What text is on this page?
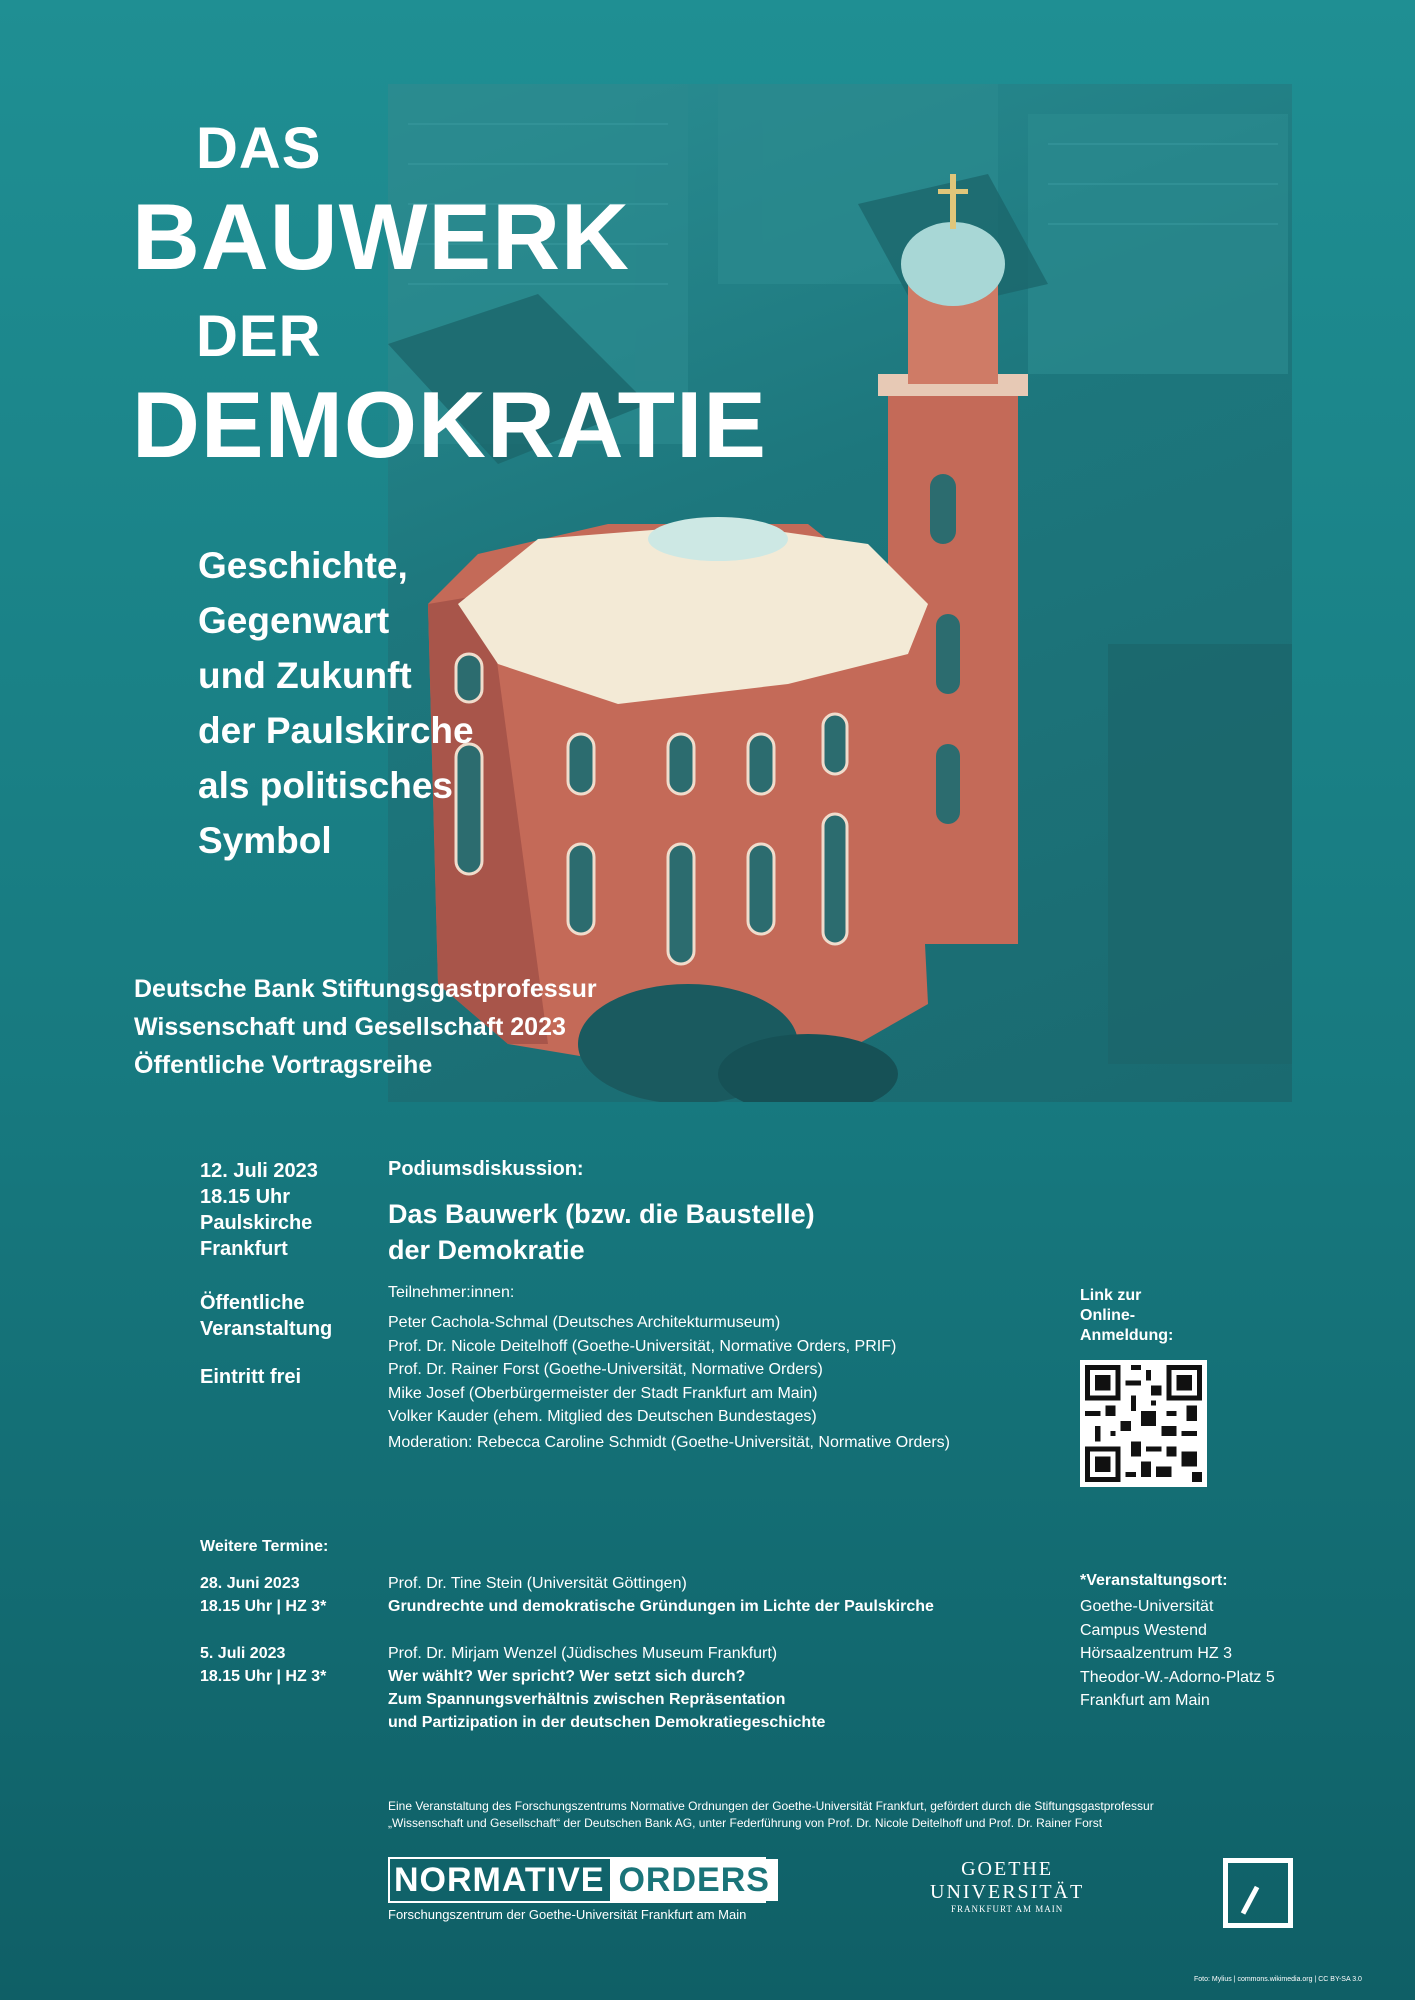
DAS
BAUWERK
DER
DEMOKRATIE
Geschichte,
Gegenwart
und Zukunft
der Paulskirche
als politisches
Symbol
Deutsche Bank Stiftungsgastprofessur
Wissenschaft und Gesellschaft 2023
Öffentliche Vortragsreihe
12. Juli 2023
18.15 Uhr
Paulskirche
Frankfurt
Öffentliche
Veranstaltung
Eintritt frei
Podiumsdiskussion:
Das Bauwerk (bzw. die Baustelle)
der Demokratie
Teilnehmer:innen:
Peter Cachola-Schmal (Deutsches Architekturmuseum)
Prof. Dr. Nicole Deitelhoff (Goethe-Universität, Normative Orders, PRIF)
Prof. Dr. Rainer Forst (Goethe-Universität, Normative Orders)
Mike Josef (Oberbürgermeister der Stadt Frankfurt am Main)
Volker Kauder (ehem. Mitglied des Deutschen Bundestages)
Moderation: Rebecca Caroline Schmidt (Goethe-Universität, Normative Orders)
Link zur
Online-
Anmeldung:
Weitere Termine:
28. Juni 2023
18.15 Uhr | HZ 3*
Prof. Dr. Tine Stein (Universität Göttingen)
Grundrechte und demokratische Gründungen im Lichte der Paulskirche
5. Juli 2023
18.15 Uhr | HZ 3*
Prof. Dr. Mirjam Wenzel (Jüdisches Museum Frankfurt)
Wer wählt? Wer spricht? Wer setzt sich durch?
Zum Spannungsverhältnis zwischen Repräsentation
und Partizipation in der deutschen Demokratiegeschichte
*Veranstaltungsort:
Goethe-Universität
Campus Westend
Hörsaalzentrum HZ 3
Theodor-W.-Adorno-Platz 5
Frankfurt am Main
Eine Veranstaltung des Forschungszentrums Normative Ordnungen der Goethe-Universität Frankfurt, gefördert durch die Stiftungsgastprofessur
„Wissenschaft und Gesellschaft“ der Deutschen Bank AG, unter Federführung von Prof. Dr. Nicole Deitelhoff und Prof. Dr. Rainer Forst
NORMATIVE ORDERS
Forschungszentrum der Goethe-Universität Frankfurt am Main
GOETHE
UNIVERSITÄT
FRANKFURT AM MAIN
Foto: Mylius | commons.wikimedia.org | CC BY-SA 3.0
